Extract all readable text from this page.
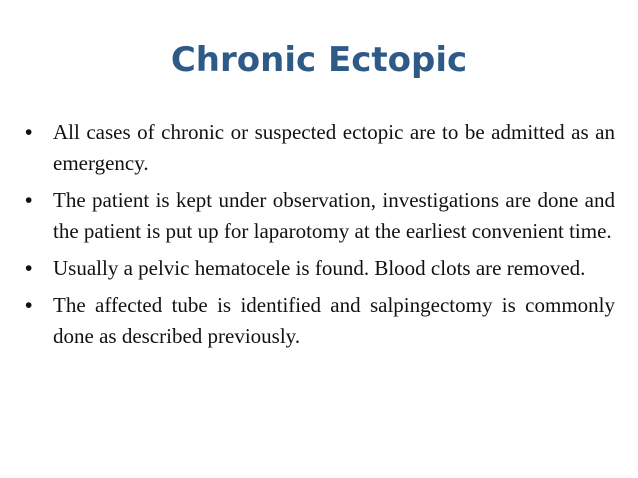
Chronic Ectopic
• All cases of chronic or suspected ectopic are to be admitted as an emergency.
• The patient is kept under observation, investigations are done and the patient is put up for laparotomy at the earliest convenient time.
• Usually a pelvic hematocele is found. Blood clots are removed.
• The affected tube is identified and salpingectomy is commonly done as described previously.
